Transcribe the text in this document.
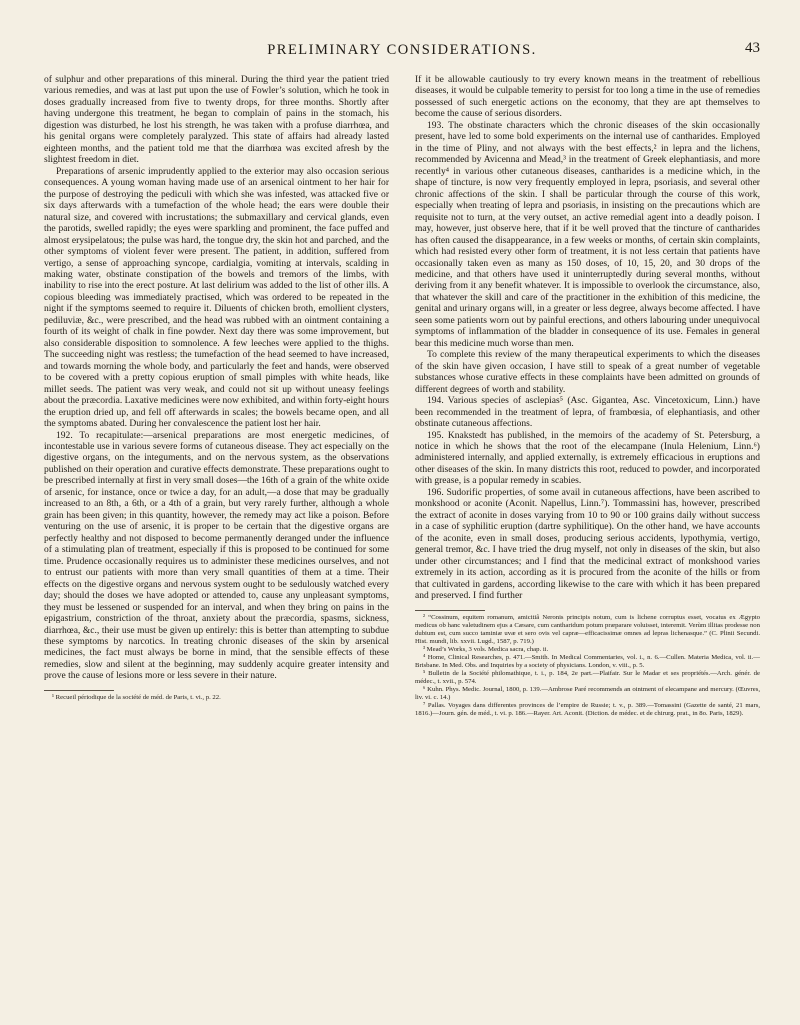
PRELIMINARY CONSIDERATIONS.	43

of sulphur and other preparations of this mineral. During the third year the patient tried various remedies, and was at last put upon the use of Fowler’s solution, which he took in doses gradually increased from five to twenty drops, for three months. Shortly after having undergone this treatment, he began to complain of pains in the stomach, his digestion was disturbed, he lost his strength, he was taken with a profuse diarrhœa, and his genital organs were completely paralyzed. This state of affairs had already lasted eighteen months, and the patient told me that the diarrhœa was excited afresh by the slightest freedom in diet.

Preparations of arsenic imprudently applied to the exterior may also occasion serious consequences. A young woman having made use of an arsenical ointment to her hair for the purpose of destroying the pediculi with which she was infested, was attacked five or six days afterwards with a tumefaction of the whole head; the ears were double their natural size, and covered with incrustations; the submaxillary and cervical glands, even the parotids, swelled rapidly; the eyes were sparkling and prominent, the face puffed and almost erysipelatous; the pulse was hard, the tongue dry, the skin hot and parched, and the other symptoms of violent fever were present. The patient, in addition, suffered from vertigo, a sense of approaching syncope, cardialgia, vomiting at intervals, scalding in making water, obstinate constipation of the bowels and tremors of the limbs, with inability to rise into the erect posture. At last delirium was added to the list of other ills. A copious bleeding was immediately practised, which was ordered to be repeated in the night if the symptoms seemed to require it. Diluents of chicken broth, emollient clysters, pediluviæ, &c., were prescribed, and the head was rubbed with an ointment containing a fourth of its weight of chalk in fine powder. Next day there was some improvement, but also considerable disposition to somnolence. A few leeches were applied to the thighs. The succeeding night was restless; the tumefaction of the head seemed to have increased, and towards morning the whole body, and particularly the feet and hands, were observed to be covered with a pretty copious eruption of small pimples with white heads, like millet seeds. The patient was very weak, and could not sit up without uneasy feelings about the præcordia. Laxative medicines were now exhibited, and within forty-eight hours the eruption dried up, and fell off afterwards in scales; the bowels became open, and all the symptoms abated. During her convalescence the patient lost her hair.

192. To recapitulate:—arsenical preparations are most energetic medicines, of incontestable use in various severe forms of cutaneous disease. They act especially on the digestive organs, on the integuments, and on the nervous system, as the observations published on their operation and curative effects demonstrate. These preparations ought to be prescribed internally at first in very small doses—the 16th of a grain of the white oxide of arsenic, for instance, once or twice a day, for an adult,—a dose that may be gradually increased to an 8th, a 6th, or a 4th of a grain, but very rarely further, although a whole grain has been given; in this quantity, however, the remedy may act like a poison. Before venturing on the use of arsenic, it is proper to be certain that the digestive organs are perfectly healthy and not disposed to become permanently deranged under the influence of a stimulating plan of treatment, especially if this is proposed to be continued for some time. Prudence occasionally requires us to administer these medicines ourselves, and not to entrust our patients with more than very small quantities of them at a time. Their effects on the digestive organs and nervous system ought to be sedulously watched every day; should the doses we have adopted or attended to, cause any unpleasant symptoms, they must be lessened or suspended for an interval, and when they bring on pains in the epigastrium, constriction of the throat, anxiety about the præcordia, spasms, sickness, diarrhœa, &c., their use must be given up entirely: this is better than attempting to subdue these symptoms by narcotics. In treating chronic diseases of the skin by arsenical medicines, the fact must always be borne in mind, that the sensible effects of these remedies, slow and silent at the beginning, may suddenly acquire greater intensity and prove the cause of lesions more or less severe in their nature.

¹ Recueil périodique de la société de méd. de Paris, t. vi., p. 22.

If it be allowable cautiously to try every known means in the treatment of rebellious diseases, it would be culpable temerity to persist for too long a time in the use of remedies possessed of such energetic actions on the economy, that they are apt themselves to become the cause of serious disorders.

193. The obstinate characters which the chronic diseases of the skin occasionally present, have led to some bold experiments on the internal use of cantharides. Employed in the time of Pliny, and not always with the best effects,² in lepra and the lichens, recommended by Avicenna and Mead,³ in the treatment of Greek elephantiasis, and more recently⁴ in various other cutaneous diseases, cantharides is a medicine which, in the shape of tincture, is now very frequently employed in lepra, psoriasis, and several other chronic affections of the skin. I shall be particular through the course of this work, especially when treating of lepra and psoriasis, in insisting on the precautions which are requisite not to turn, at the very outset, an active remedial agent into a deadly poison. I may, however, just observe here, that if it be well proved that the tincture of cantharides has often caused the disappearance, in a few weeks or months, of certain skin complaints, which had resisted every other form of treatment, it is not less certain that patients have occasionally taken even as many as 150 doses, of 10, 15, 20, and 30 drops of the medicine, and that others have used it uninterruptedly during several months, without deriving from it any benefit whatever. It is impossible to overlook the circumstance, also, that whatever the skill and care of the practitioner in the exhibition of this medicine, the genital and urinary organs will, in a greater or less degree, always become affected. I have seen some patients worn out by painful erections, and others labouring under unequivocal symptoms of inflammation of the bladder in consequence of its use. Females in general bear this medicine much worse than men.

To complete this review of the many therapeutical experiments to which the diseases of the skin have given occasion, I have still to speak of a great number of vegetable substances whose curative effects in these complaints have been admitted on grounds of different degrees of worth and stability.

194. Various species of asclepias⁵ (Asc. Gigantea, Asc. Vincetoxicum, Linn.) have been recommended in the treatment of lepra, of frambœsia, of elephantiasis, and other obstinate cutaneous affections.

195. Knakstedt has published, in the memoirs of the academy of St. Petersburg, a notice in which he shows that the root of the elecampane (Inula Helenium, Linn.⁶) administered internally, and applied externally, is extremely efficacious in eruptions and other diseases of the skin. In many districts this root, reduced to powder, and incorporated with grease, is a popular remedy in scabies.

196. Sudorific properties, of some avail in cutaneous affections, have been ascribed to monkshood or aconite (Aconit. Napellus, Linn.⁷). Tommassini has, however, prescribed the extract of aconite in doses varying from 10 to 90 or 100 grains daily without success in a case of syphilitic eruption (dartre syphilitique). On the other hand, we have accounts of the aconite, even in small doses, producing serious accidents, lypothymia, vertigo, general tremor, &c. I have tried the drug myself, not only in diseases of the skin, but also under other circumstances; and I find that the medicinal extract of monkshood varies extremely in its action, according as it is procured from the aconite of the hills or from that cultivated in gardens, according likewise to the care with which it has been prepared and preserved. I find further

² “Cossinum, equitem romanum, amicitiâ Neronis principis notum, cum is lichene corruptus esset, vocatus ex Ægypto medicus ob hanc valetudinem ejus a Cæsare, cum cantharidum potum præparare voluisset, interemit. Verùm illitas prodesse non dubium est, cum succo taminiæ uvæ et sero ovis vel capræ—efficacissimæ omnes ad lepras lichenasque.” (C. Plinii Secundi. Hist. mundi, lib. xxvii. Lugd., 1587, p. 719.)

³ Mead’s Works, 3 vols. Medica sacra, chap. ii.

⁴ Home, Clinical Researches, p. 471.—Smith. In Medical Commentaries, vol. i., n. 6.—Cullen. Materia Medica, vol. ii.—Brisbane. In Med. Obs. and Inquiries by a society of physicians. London, v. viii., p. 5.

⁵ Bulletin de la Société philomathique, t. i., p. 184, 2e part.—Plaifair. Sur le Madar et ses propriétés.—Arch. génér. de médec., t. xvii., p. 574.

⁶ Kuhn. Phys. Medic. Journal, 1800, p. 139.—Ambrose Paré recommends an ointment of elecampane and mercury. (Œuvres, liv. vi. c. 14.)

⁷ Pallas. Voyages dans differentes provinces de l’empire de Russie; t. v., p. 389.—Tomassini (Gazette de santé, 21 mars, 1816.)—Journ. gén. de méd., t. vi. p. 186.—Rayer. Art. Aconit. (Diction. de médec. et de chirurg. prat., in 8o. Paris, 1829).
